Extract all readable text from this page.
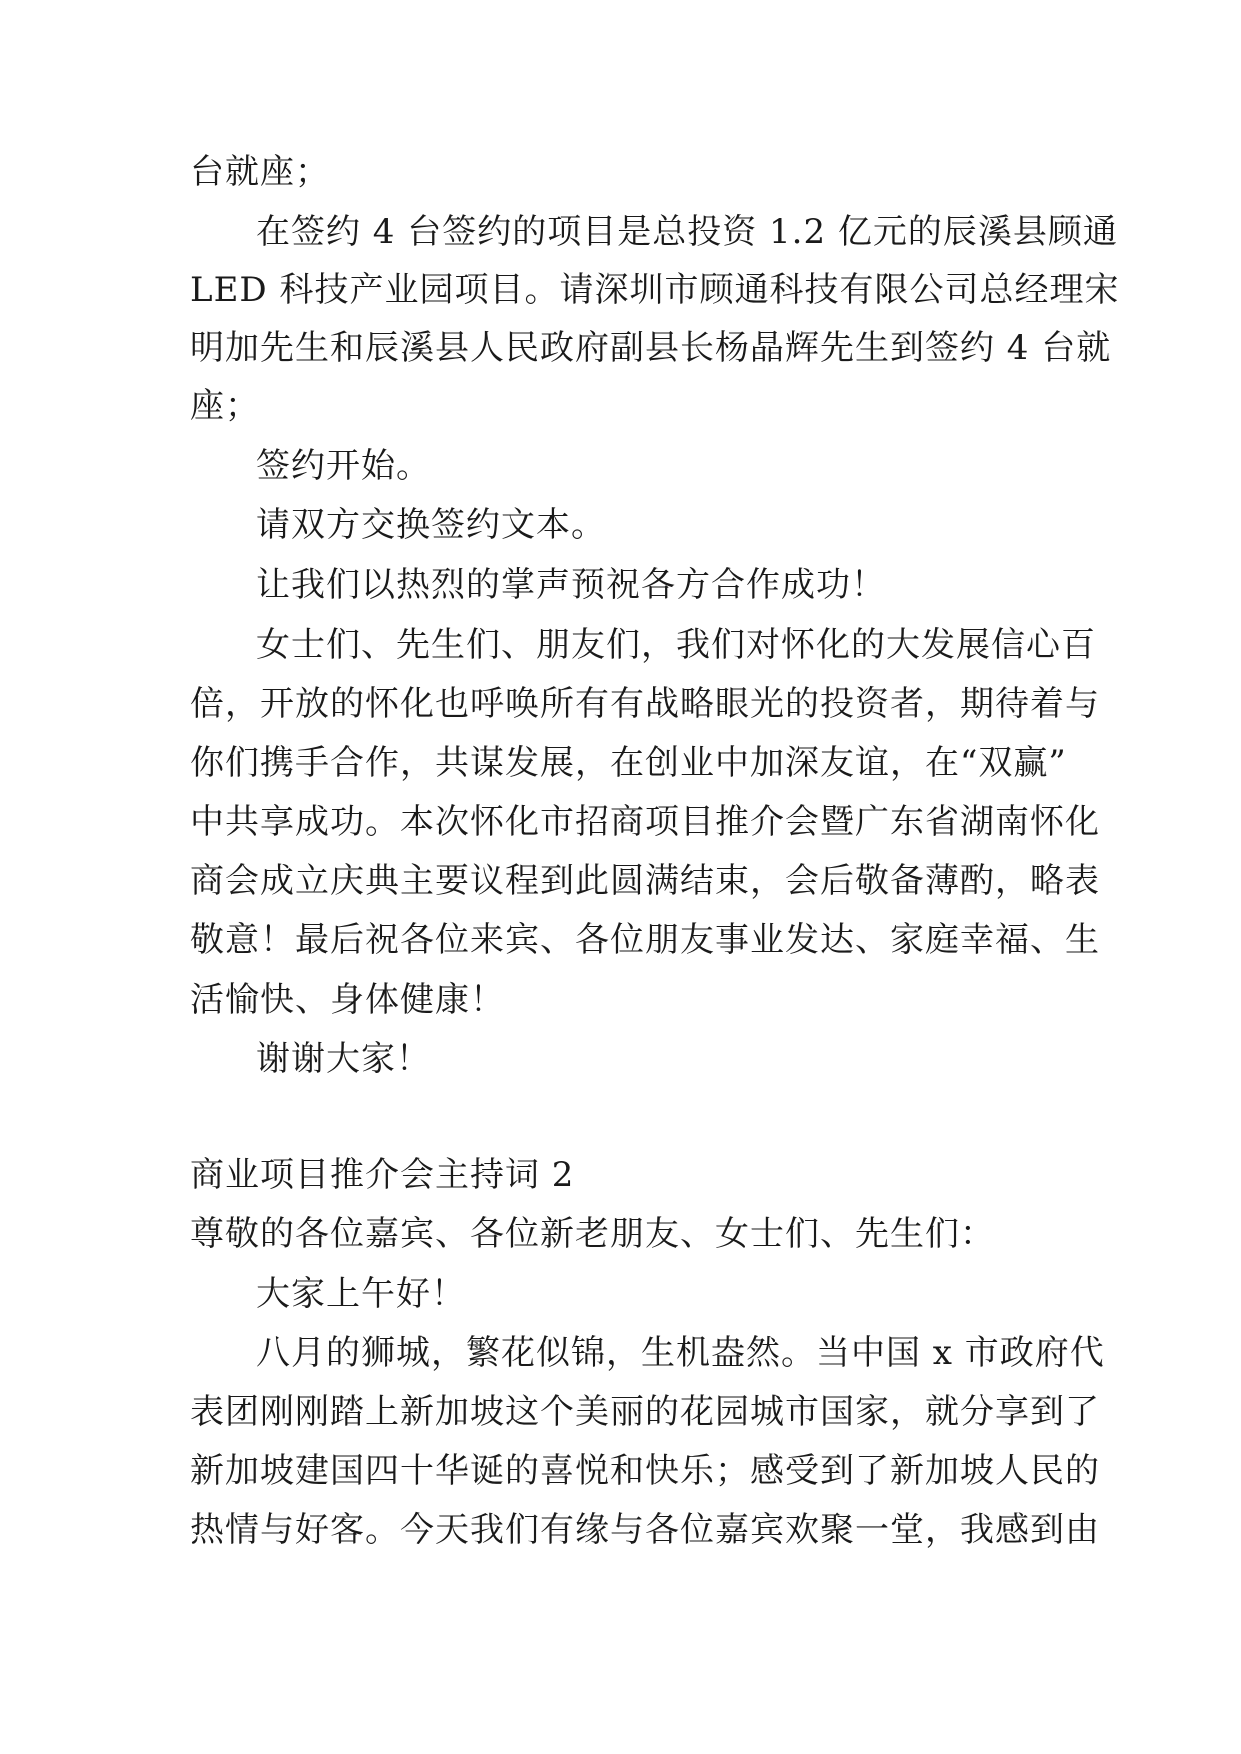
台就座；
在签约 4 台签约的项目是总投资 1.2 亿元的辰溪县顾通
LED 科技产业园项目。请深圳市顾通科技有限公司总经理宋
明加先生和辰溪县人民政府副县长杨晶辉先生到签约 4 台就
座；
签约开始。
请双方交换签约文本。
让我们以热烈的掌声预祝各方合作成功！
女士们、先生们、朋友们，我们对怀化的大发展信心百
倍，开放的怀化也呼唤所有有战略眼光的投资者，期待着与
你们携手合作，共谋发展，在创业中加深友谊，在“双赢”
中共享成功。本次怀化市招商项目推介会暨广东省湖南怀化
商会成立庆典主要议程到此圆满结束，会后敬备薄酌，略表
敬意！最后祝各位来宾、各位朋友事业发达、家庭幸福、生
活愉快、身体健康！
谢谢大家！
商业项目推介会主持词 2
尊敬的各位嘉宾、各位新老朋友、女士们、先生们：
大家上午好！
八月的狮城，繁花似锦，生机盎然。当中国 x 市政府代
表团刚刚踏上新加坡这个美丽的花园城市国家，就分享到了
新加坡建国四十华诞的喜悦和快乐；感受到了新加坡人民的
热情与好客。今天我们有缘与各位嘉宾欢聚一堂，我感到由
